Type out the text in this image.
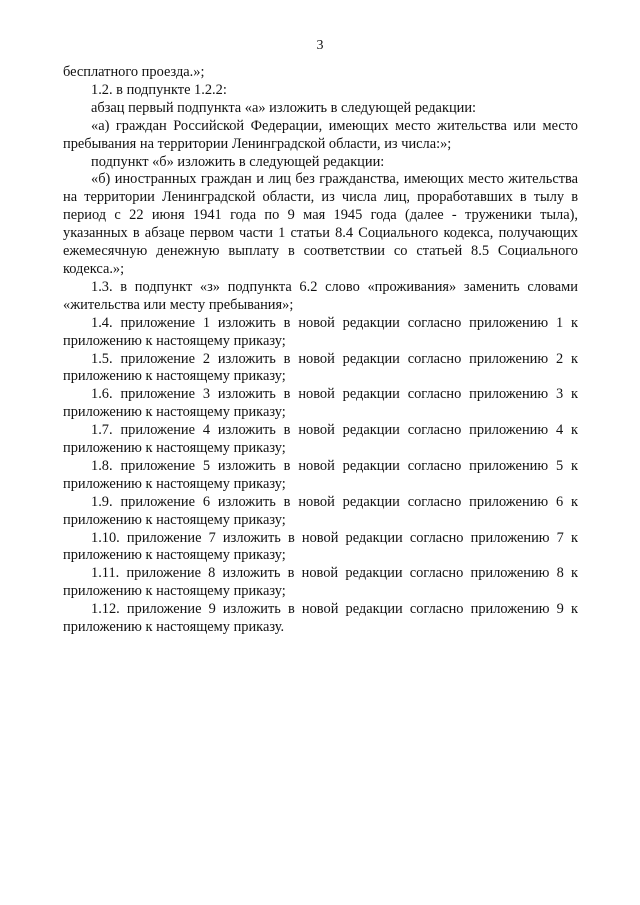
3

бесплатного проезда.»;

1.2. в подпункте 1.2.2:

абзац первый подпункта «а» изложить в следующей редакции:

«а) граждан Российской Федерации, имеющих место жительства или место пребывания на территории Ленинградской области, из числа:»;

подпункт «б» изложить в следующей редакции:

«б) иностранных граждан и лиц без гражданства, имеющих место жительства на территории Ленинградской области, из числа лиц, проработавших в тылу в период с 22 июня 1941 года по 9 мая 1945 года (далее - труженики тыла), указанных в абзаце первом части 1 статьи 8.4 Социального кодекса, получающих ежемесячную денежную выплату в соответствии со статьей 8.5 Социального кодекса.»;

1.3. в подпункт «з» подпункта 6.2 слово «проживания» заменить словами «жительства или месту пребывания»;

1.4. приложение 1 изложить в новой редакции согласно приложению 1 к приложению к настоящему приказу;

1.5. приложение 2 изложить в новой редакции согласно приложению 2 к приложению к настоящему приказу;

1.6. приложение 3 изложить в новой редакции согласно приложению 3 к приложению к настоящему приказу;

1.7. приложение 4 изложить в новой редакции согласно приложению 4 к приложению к настоящему приказу;

1.8. приложение 5 изложить в новой редакции согласно приложению 5 к приложению к настоящему приказу;

1.9. приложение 6 изложить в новой редакции согласно приложению 6 к приложению к настоящему приказу;

1.10. приложение 7 изложить в новой редакции согласно приложению 7 к приложению к настоящему приказу;

1.11. приложение 8 изложить в новой редакции согласно приложению 8 к приложению к настоящему приказу;

1.12. приложение 9 изложить в новой редакции согласно приложению 9 к приложению к настоящему приказу.
